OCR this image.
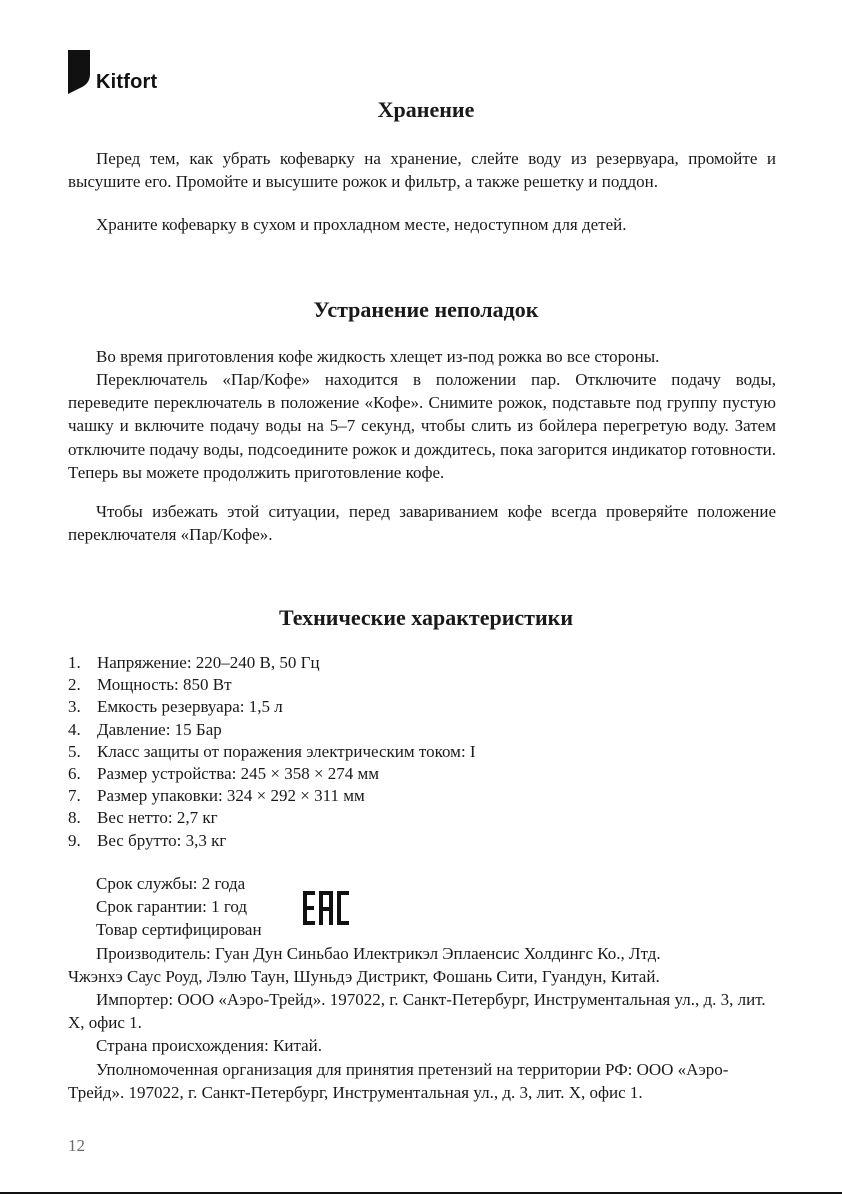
Kitfort
Хранение

Перед тем, как убрать кофеварку на хранение, слейте воду из резервуара, промойте и высушите его. Промойте и высушите рожок и фильтр, а также решетку и поддон.

Храните кофеварку в сухом и прохладном месте, недоступном для детей.

Устранение неполадок

Во время приготовления кофе жидкость хлещет из-под рожка во все стороны.

Переключатель «Пар/Кофе» находится в положении пар. Отключите подачу воды, переведите переключатель в положение «Кофе». Снимите рожок, подставьте под группу пустую чашку и включите подачу воды на 5–7 секунд, чтобы слить из бойлера перегретую воду. Затем отключите подачу воды, подсоедините рожок и дождитесь, пока загорится индикатор готовности. Теперь вы можете продолжить приготовление кофе.

Чтобы избежать этой ситуации, перед завариванием кофе всегда проверяйте положение переключателя «Пар/Кофе».

Технические характеристики
1. Напряжение: 220–240 В, 50 Гц
2. Мощность: 850 Вт
3. Емкость резервуара: 1,5 л
4. Давление: 15 Бар
5. Класс защиты от поражения электрическим током: I
6. Размер устройства: 245 × 358 × 274 мм
7. Размер упаковки: 324 × 292 × 311 мм
8. Вес нетто: 2,7 кг
9. Вес брутто: 3,3 кг
Срок службы: 2 года
Срок гарантии: 1 год
Товар сертифицирован
Производитель: Гуан Дун Синьбао Илектрикэл Эплаенсис Холдингс Ко., Лтд.
Чжэнхэ Саус Роуд, Лэлю Таун, Шуньдэ Дистрикт, Фошань Сити, Гуандун, Китай.
Импортер: ООО «Аэро-Трейд». 197022, г. Санкт-Петербург, Инструментальная ул., д. 3, лит. Х, офис 1.
Страна происхождения: Китай.
Уполномоченная организация для принятия претензий на территории РФ: ООО «Аэро-Трейд». 197022, г. Санкт-Петербург, Инструментальная ул., д. 3, лит. Х, офис 1.
12
